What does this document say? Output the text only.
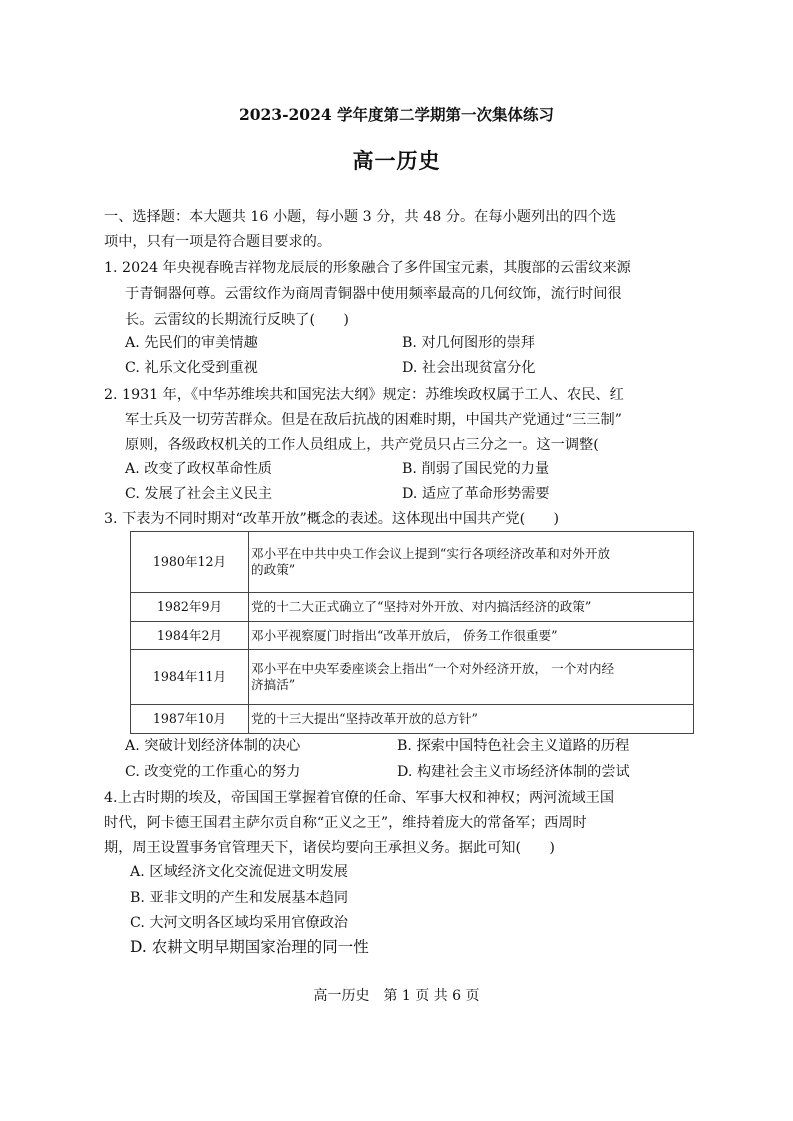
2023-2024 学年度第二学期第一次集体练习
高一历史
一、选择题：本大题共 16 小题，每小题 3 分，共 48 分。在每小题列出的四个选
项中，只有一项是符合题目要求的。
1. 2024 年央视春晚吉祥物龙辰辰的形象融合了多件国宝元素，其腹部的云雷纹来源
于青铜器何尊。云雷纹作为商周青铜器中使用频率最高的几何纹饰，流行时间很
长。云雷纹的长期流行反映了(　　)
A. 先民们的审美情趣	B. 对几何图形的崇拜
C. 礼乐文化受到重视	D. 社会出现贫富分化
2. 1931 年，《中华苏维埃共和国宪法大纲》规定：苏维埃政权属于工人、农民、红
军士兵及一切劳苦群众。但是在敌后抗战的困难时期，中国共产党通过“三三制”
原则，各级政权机关的工作人员组成上，共产党员只占三分之一。这一调整(
A. 改变了政权革命性质	B. 削弱了国民党的力量
C. 发展了社会主义民主	D. 适应了革命形势需要
3. 下表为不同时期对“改革开放”概念的表述。这体现出中国共产党(　　)
1980年12月	邓小平在中共中央工作会议上提到“实行各项经济改革和对外开放
的政策”

1982年9月	党的十二大正式确立了“坚持对外开放、对内搞活经济的政策”
1984年2月	邓小平视察厦门时指出“改革开放后， 侨务工作很重要”
1984年11月	邓小平在中央军委座谈会上指出“一个对外经济开放， 一个对内经
济搞活”

1987年10月	党的十三大提出“坚持改革开放的总方针”
A. 突破计划经济体制的决心	B. 探索中国特色社会主义道路的历程
C. 改变党的工作重心的努力	D. 构建社会主义市场经济体制的尝试
4.上古时期的埃及，帝国国王掌握着官僚的任命、军事大权和神权；两河流域王国
时代，阿卡德王国君主萨尔贡自称“正义之王”，维持着庞大的常备军；西周时
期，周王设置事务官管理天下，诸侯均要向王承担义务。据此可知(　　)
A. 区域经济文化交流促进文明发展
B. 亚非文明的产生和发展基本趋同
C. 大河文明各区域均采用官僚政治
D. 农耕文明早期国家治理的同一性
高一历史　第 1 页 共 6 页
